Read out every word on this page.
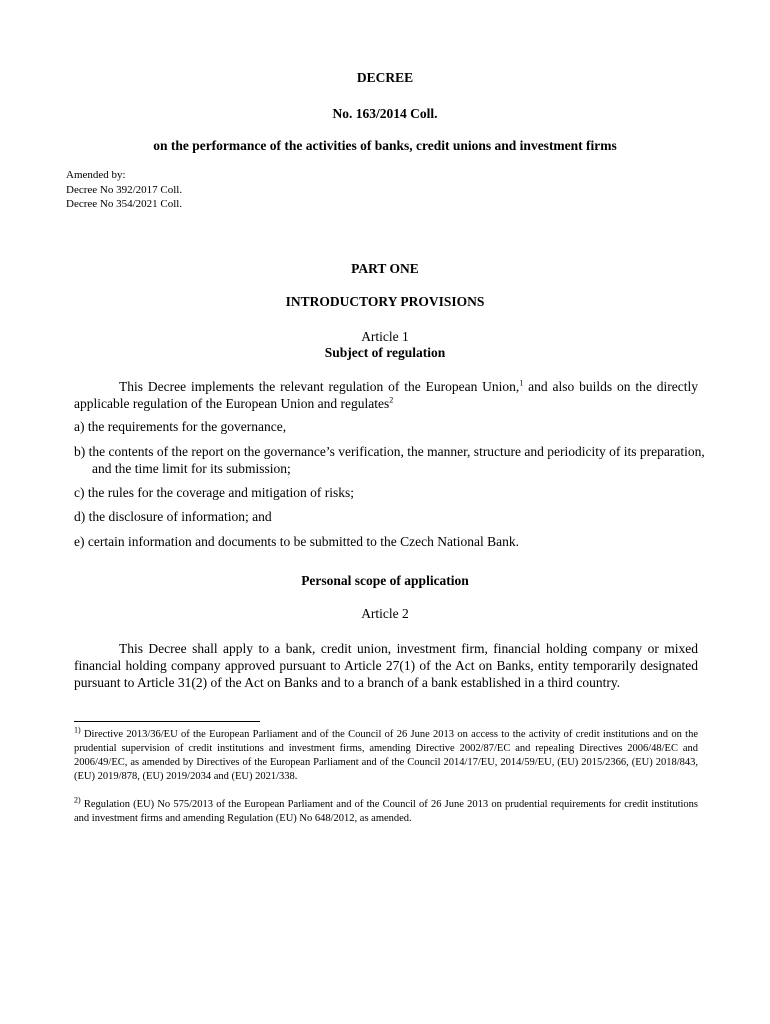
DECREE
No. 163/2014 Coll.
on the performance of the activities of banks, credit unions and investment firms
Amended by:
Decree No 392/2017 Coll.
Decree No 354/2021 Coll.
PART ONE
INTRODUCTORY PROVISIONS
Article 1
Subject of regulation
This Decree implements the relevant regulation of the European Union,$^1$ and also builds on the directly applicable regulation of the European Union and regulates$^2$
a) the requirements for the governance,
b) the contents of the report on the governance’s verification, the manner, structure and periodicity of its preparation, and the time limit for its submission;
c) the rules for the coverage and mitigation of risks;
d) the disclosure of information; and
e) certain information and documents to be submitted to the Czech National Bank.
Personal scope of application
Article 2
This Decree shall apply to a bank, credit union, investment firm, financial holding company or mixed financial holding company approved pursuant to Article 27(1) of the Act on Banks, entity temporarily designated pursuant to Article 31(2) of the Act on Banks and to a branch of a bank established in a third country.
$^{1)}$ Directive 2013/36/EU of the European Parliament and of the Council of 26 June 2013 on access to the activity of credit institutions and on the prudential supervision of credit institutions and investment firms, amending Directive 2002/87/EC and repealing Directives 2006/48/EC and 2006/49/EC, as amended by Directives of the European Parliament and of the Council 2014/17/EU, 2014/59/EU, (EU) 2015/2366, (EU) 2018/843, (EU) 2019/878, (EU) 2019/2034 and (EU) 2021/338.
$^{2)}$ Regulation (EU) No 575/2013 of the European Parliament and of the Council of 26 June 2013 on prudential requirements for credit institutions and investment firms and amending Regulation (EU) No 648/2012, as amended.
